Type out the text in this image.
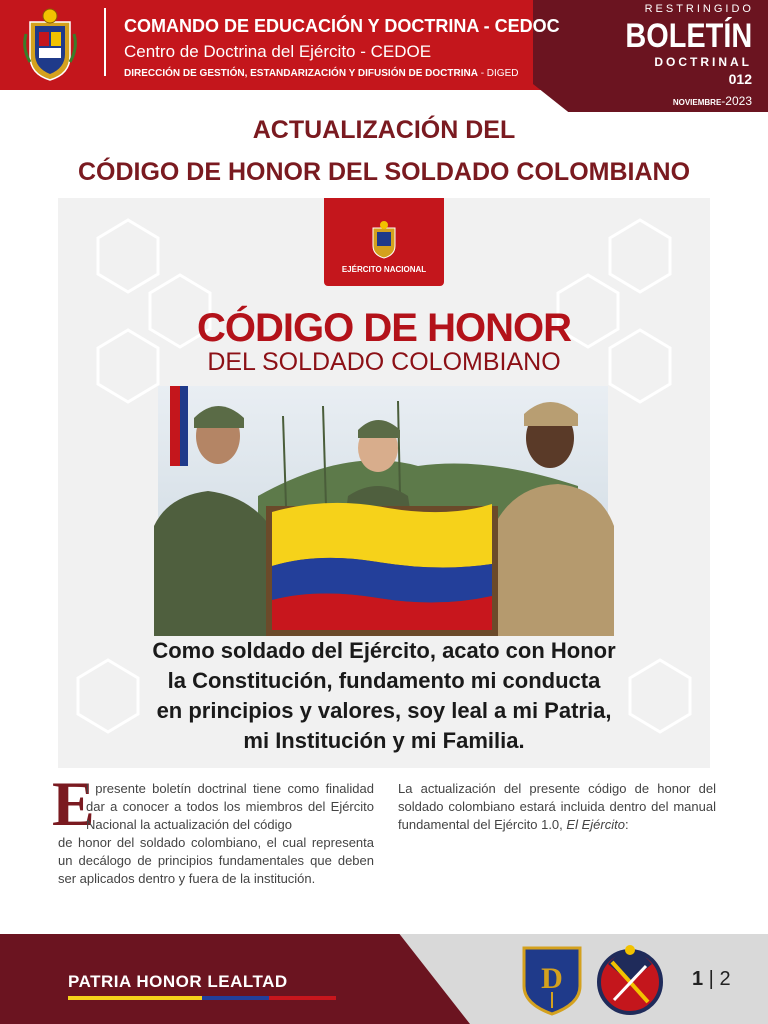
COMANDO DE EDUCACIÓN Y DOCTRINA - CEDOC
Centro de Doctrina del Ejército - CEDOE
DIRECCIÓN DE GESTIÓN, ESTANDARIZACIÓN Y DIFUSIÓN DE DOCTRINA - DIGED
RESTRINGIDO
BOLETÍN
DOCTRINAL
012
NOVIEMBRE-2023
ACTUALIZACIÓN DEL
CÓDIGO DE HONOR DEL SOLDADO COLOMBIANO
EJÉRCITO NACIONAL
CÓDIGO DE HONOR
DEL SOLDADO COLOMBIANO
Como soldado del Ejército, acato con Honor
la Constitución, fundamento mi conducta
en principios y valores, soy leal a mi Patria,
mi Institución y mi Familia.
E
l presente boletín doctrinal tiene como finalidad dar a conocer a todos los miembros del Ejército Nacional la actualización del código
de honor del soldado colombiano, el cual representa un decálogo de principios fundamentales que deben ser aplicados dentro y fuera de la institución.
La actualización del presente código de honor del soldado colombiano estará incluida dentro del manual fundamental del Ejército 1.0, El Ejército:
PATRIA HONOR LEALTAD	D	1 | 2
